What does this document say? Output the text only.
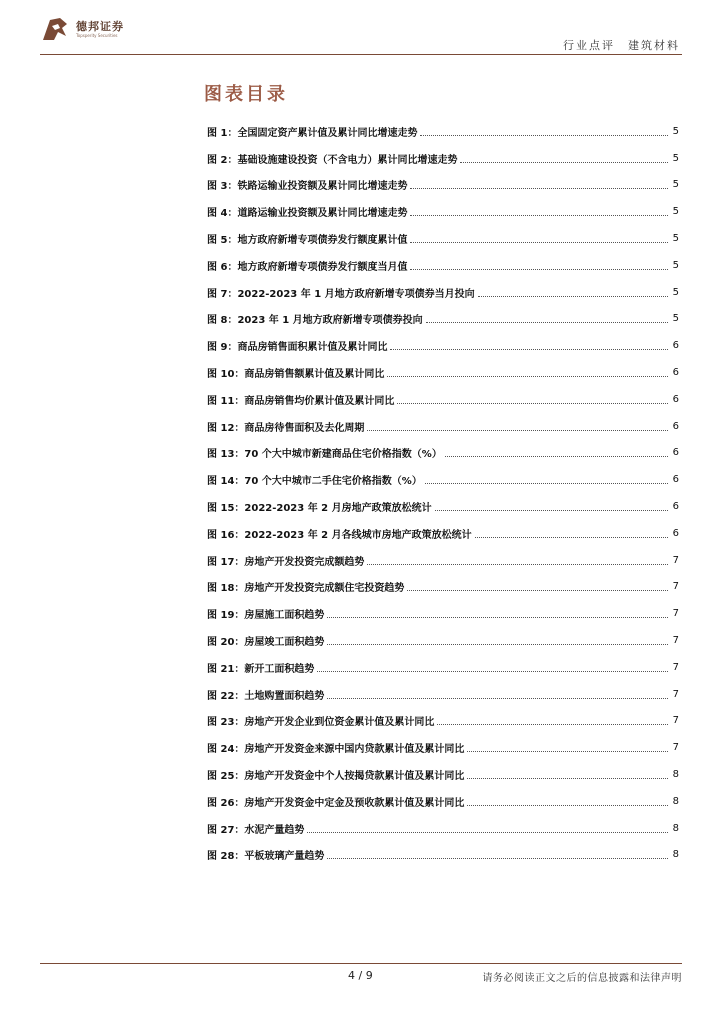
德邦证券
Topsperity Securities
行业点评　建筑材料
图表目录
图 1： 全国固定资产累计值及累计同比增速走势	5
图 2： 基础设施建设投资（不含电力）累计同比增速走势	5
图 3： 铁路运输业投资额及累计同比增速走势	5
图 4： 道路运输业投资额及累计同比增速走势	5
图 5： 地方政府新增专项债券发行额度累计值	5
图 6： 地方政府新增专项债券发行额度当月值	5
图 7： 2022-2023 年 1 月地方政府新增专项债券当月投向	5
图 8： 2023 年 1 月地方政府新增专项债券投向	5
图 9： 商品房销售面积累计值及累计同比	6
图 10： 商品房销售额累计值及累计同比	6
图 11： 商品房销售均价累计值及累计同比	6
图 12： 商品房待售面积及去化周期	6
图 13： 70 个大中城市新建商品住宅价格指数（%）	6
图 14： 70 个大中城市二手住宅价格指数（%）	6
图 15： 2022-2023 年 2 月房地产政策放松统计	6
图 16： 2022-2023 年 2 月各线城市房地产政策放松统计	6
图 17： 房地产开发投资完成额趋势	7
图 18： 房地产开发投资完成额住宅投资趋势	7
图 19： 房屋施工面积趋势	7
图 20： 房屋竣工面积趋势	7
图 21： 新开工面积趋势	7
图 22： 土地购置面积趋势	7
图 23： 房地产开发企业到位资金累计值及累计同比	7
图 24： 房地产开发资金来源中国内贷款累计值及累计同比	7
图 25： 房地产开发资金中个人按揭贷款累计值及累计同比	8
图 26： 房地产开发资金中定金及预收款累计值及累计同比	8
图 27： 水泥产量趋势	8
图 28： 平板玻璃产量趋势	8
4 / 9	请务必阅读正文之后的信息披露和法律声明
